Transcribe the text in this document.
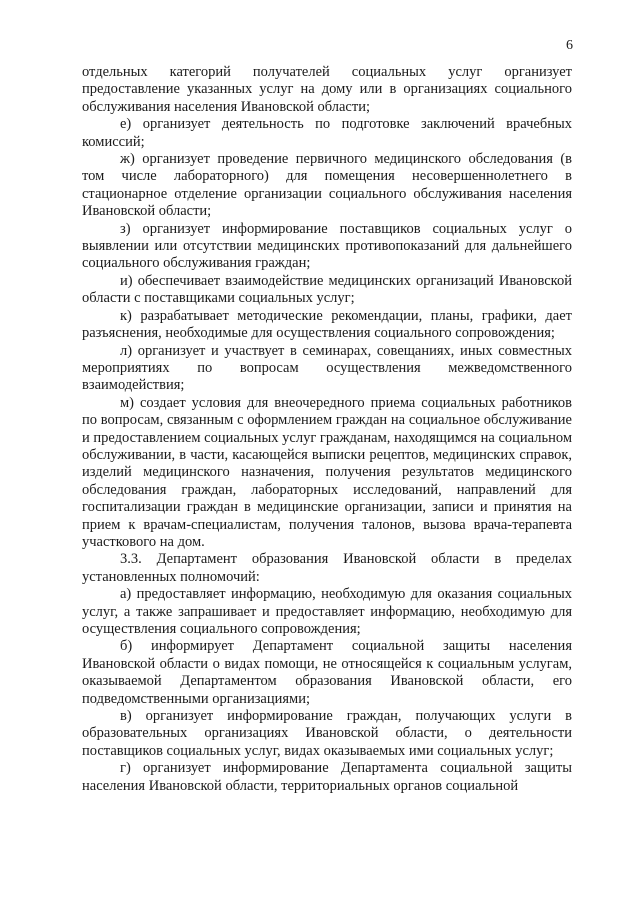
6

отдельных категорий получателей социальных услуг организует предоставление указанных услуг на дому или в организациях социального обслуживания населения Ивановской области;

е) организует деятельность по подготовке заключений врачебных комиссий;

ж) организует проведение первичного медицинского обследования (в том числе лабораторного) для помещения несовершеннолетнего в стационарное отделение организации социального обслуживания населения Ивановской области;

з) организует информирование поставщиков социальных услуг о выявлении или отсутствии медицинских противопоказаний для дальнейшего социального обслуживания граждан;

и) обеспечивает взаимодействие медицинских организаций Ивановской области с поставщиками социальных услуг;

к) разрабатывает методические рекомендации, планы, графики, дает разъяснения, необходимые для осуществления социального сопровождения;

л) организует и участвует в семинарах, совещаниях, иных совместных мероприятиях по вопросам осуществления межведомственного взаимодействия;

м) создает условия для внеочередного приема социальных работников по вопросам, связанным с оформлением граждан на социальное обслуживание и предоставлением социальных услуг гражданам, находящимся на социальном обслуживании, в части, касающейся выписки рецептов, медицинских справок, изделий медицинского назначения, получения результатов медицинского обследования граждан, лабораторных исследований, направлений для госпитализации граждан в медицинские организации, записи и принятия на прием к врачам-специалистам, получения талонов, вызова врача-терапевта участкового на дом.

3.3. Департамент образования Ивановской области в пределах установленных полномочий:

а) предоставляет информацию, необходимую для оказания социальных услуг, а также запрашивает и предоставляет информацию, необходимую для осуществления социального сопровождения;

б) информирует Департамент социальной защиты населения Ивановской области о видах помощи, не относящейся к социальным услугам, оказываемой Департаментом образования Ивановской области, его подведомственными организациями;

в) организует информирование граждан, получающих услуги в образовательных организациях Ивановской области, о деятельности поставщиков социальных услуг, видах оказываемых ими социальных услуг;

г) организует информирование Департамента социальной защиты населения Ивановской области, территориальных органов социальной
